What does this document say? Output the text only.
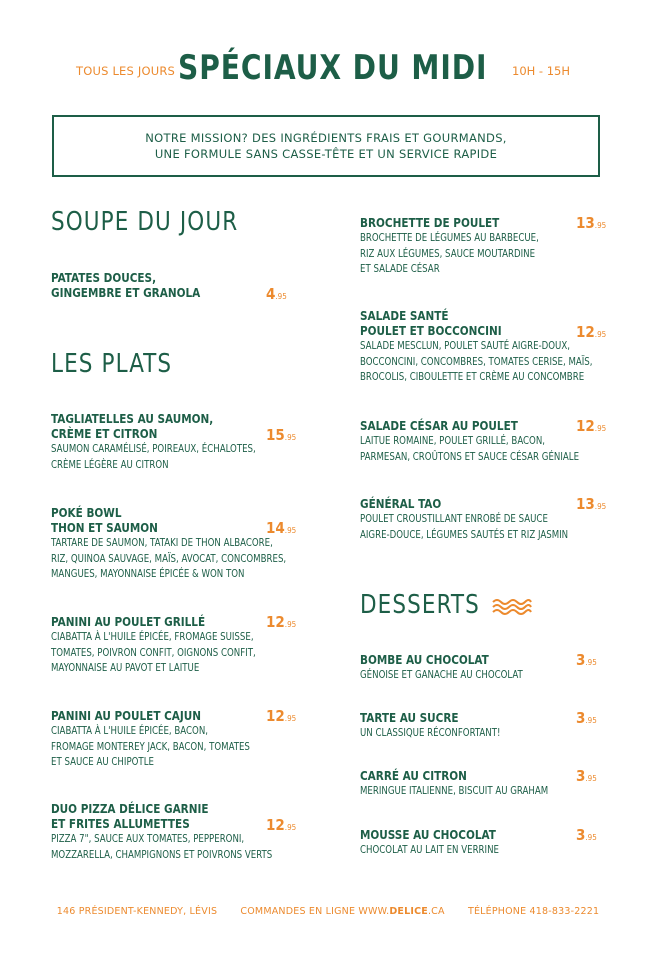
TOUS LES JOURS SPÉCIAUX DU MIDI 10H - 15H
NOTRE MISSION? DES INGRÉDIENTS FRAIS ET GOURMANDS,
UNE FORMULE SANS CASSE-TÊTE ET UN SERVICE RAPIDE
SOUPE DU JOUR
PATATES DOUCES,
GINGEMBRE ET GRANOLA	4.95
LES PLATS
TAGLIATELLES AU SAUMON,
CRÈME ET CITRON
SAUMON CARAMÉLISÉ, POIREAUX, ÉCHALOTES,
CRÈME LÉGÈRE AU CITRON
15.95
POKÉ BOWL
THON ET SAUMON
TARTARE DE SAUMON, TATAKI DE THON ALBACORE,
RIZ, QUINOA SAUVAGE, MAÏS, AVOCAT, CONCOMBRES,
MANGUES, MAYONNAISE ÉPICÉE & WON TON
14.95
PANINI AU POULET GRILLÉ
CIABATTA À L'HUILE ÉPICÉE, FROMAGE SUISSE,
TOMATES, POIVRON CONFIT, OIGNONS CONFIT,
MAYONNAISE AU PAVOT ET LAITUE
12.95
PANINI AU POULET CAJUN
CIABATTA À L'HUILE ÉPICÉE, BACON,
FROMAGE MONTEREY JACK, BACON, TOMATES
ET SAUCE AU CHIPOTLE
12.95
DUO PIZZA DÉLICE GARNIE
ET FRITES ALLUMETTES
PIZZA 7", SAUCE AUX TOMATES, PEPPERONI,
MOZZARELLA, CHAMPIGNONS ET POIVRONS VERTS
12.95
BROCHETTE DE POULET
BROCHETTE DE LÉGUMES AU BARBECUE,
RIZ AUX LÉGUMES, SAUCE MOUTARDINE
ET SALADE CÉSAR
13.95
SALADE SANTÉ
POULET ET BOCCONCINI
SALADE MESCLUN, POULET SAUTÉ AIGRE-DOUX,
BOCCONCINI, CONCOMBRES, TOMATES CERISE, MAÏS,
BROCOLIS, CIBOULETTE ET CRÈME AU CONCOMBRE
12.95
SALADE CÉSAR AU POULET
LAITUE ROMAINE, POULET GRILLÉ, BACON,
PARMESAN, CROÛTONS ET SAUCE CÉSAR GÉNIALE
12.95
GÉNÉRAL TAO
POULET CROUSTILLANT ENROBÉ DE SAUCE
AIGRE-DOUCE, LÉGUMES SAUTÉS ET RIZ JASMIN
13.95
DESSERTS
BOMBE AU CHOCOLAT
GÉNOISE ET GANACHE AU CHOCOLAT
3.95
TARTE AU SUCRE
UN CLASSIQUE RÉCONFORTANT!
3.95
CARRÉ AU CITRON
MERINGUE ITALIENNE, BISCUIT AU GRAHAM
3.95
MOUSSE AU CHOCOLAT
CHOCOLAT AU LAIT EN VERRINE
3.95
146 PRÉSIDENT-KENNEDY, LÉVIS COMMANDES EN LIGNE WWW.DELICE.CA TÉLÉPHONE 418-833-2221
